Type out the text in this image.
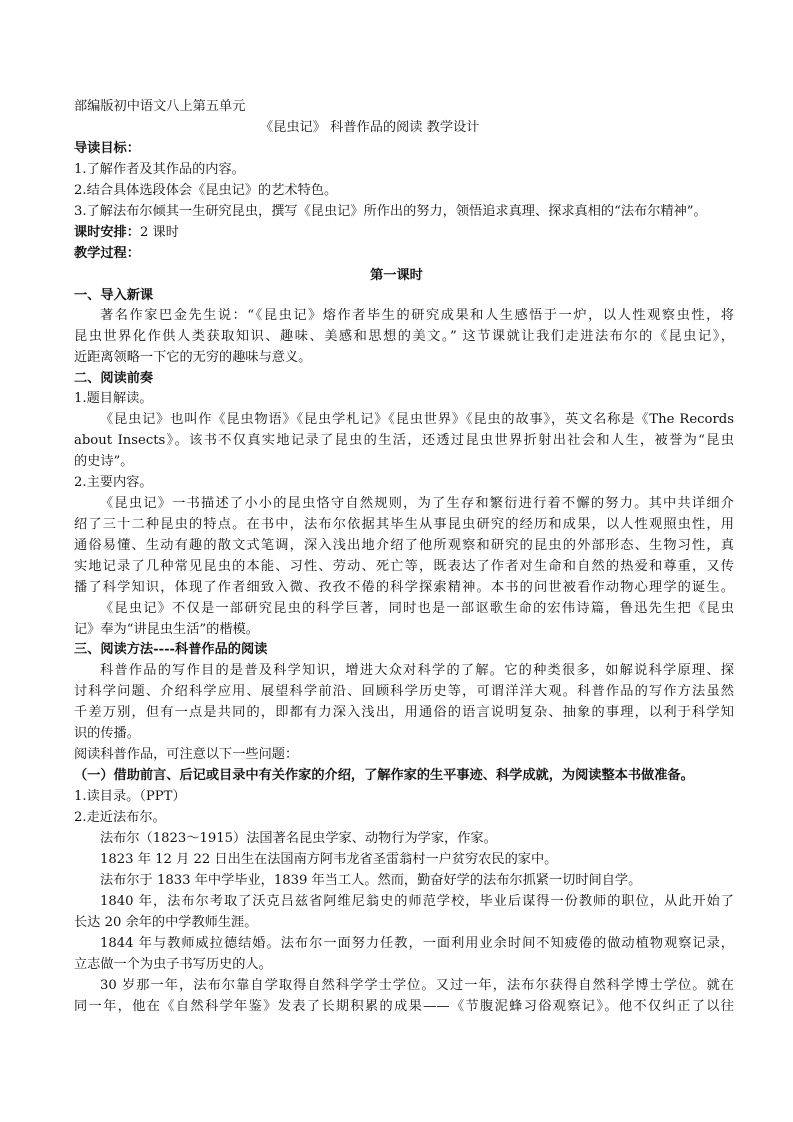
部编版初中语文八上第五单元
《昆虫记》 科普作品的阅读 教学设计
导读目标：
1.了解作者及其作品的内容。
2.结合具体选段体会《昆虫记》的艺术特色。
3.了解法布尔倾其一生研究昆虫，撰写《昆虫记》所作出的努力，领悟追求真理、探求真相的“法布尔精神”。
课时安排：2 课时
教学过程：
第一课时
一、导入新课
著名作家巴金先生说：“《昆虫记》熔作者毕生的研究成果和人生感悟于一炉，以人性观察虫性，将
昆虫世界化作供人类获取知识、趣味、美感和思想的美文。” 这节课就让我们走进法布尔的《昆虫记》，
近距离领略一下它的无穷的趣味与意义。
二、阅读前奏
1.题目解读。
《昆虫记》也叫作《昆虫物语》《昆虫学札记》《昆虫世界》《昆虫的故事》，英文名称是《The Records
about Insects》。该书不仅真实地记录了昆虫的生活，还透过昆虫世界折射出社会和人生，被誉为“昆虫
的史诗”。
2.主要内容。
《昆虫记》一书描述了小小的昆虫恪守自然规则，为了生存和繁衍进行着不懈的努力。其中共详细介
绍了三十二种昆虫的特点。在书中，法布尔依据其毕生从事昆虫研究的经历和成果，以人性观照虫性，用
通俗易懂、生动有趣的散文式笔调，深入浅出地介绍了他所观察和研究的昆虫的外部形态、生物习性，真
实地记录了几种常见昆虫的本能、习性、劳动、死亡等，既表达了作者对生命和自然的热爱和尊重，又传
播了科学知识，体现了作者细致入微、孜孜不倦的科学探索精神。本书的问世被看作动物心理学的诞生。
《昆虫记》不仅是一部研究昆虫的科学巨著，同时也是一部讴歌生命的宏伟诗篇，鲁迅先生把《昆虫
记》奉为“讲昆虫生活”的楷模。
三、阅读方法----科普作品的阅读
科普作品的写作目的是普及科学知识，增进大众对科学的了解。它的种类很多，如解说科学原理、探
讨科学问题、介绍科学应用、展望科学前沿、回顾科学历史等，可谓洋洋大观。科普作品的写作方法虽然
千差万别，但有一点是共同的，即都有力深入浅出，用通俗的语言说明复杂、抽象的事理，以利于科学知
识的传播。
阅读科普作品，可注意以下一些问题：
（一）借助前言、后记或目录中有关作家的介绍，了解作家的生平事迹、科学成就，为阅读整本书做准备。
1.读目录。（PPT）
2.走近法布尔。
法布尔（1823～1915）法国著名昆虫学家、动物行为学家，作家。
1823 年 12 月 22 日出生在法国南方阿韦龙省圣雷翁村一户贫穷农民的家中。
法布尔于 1833 年中学毕业，1839 年当工人。然而，勤奋好学的法布尔抓紧一切时间自学。
1840 年，法布尔考取了沃克吕兹省阿维尼翁史的师范学校，毕业后谋得一份教师的职位，从此开始了
长达 20 余年的中学教师生涯。
1844 年与教师威拉德结婚。法布尔一面努力任教，一面利用业余时间不知疲倦的做动植物观察记录，
立志做一个为虫子书写历史的人。
30 岁那一年，法布尔靠自学取得自然科学学士学位。又过一年，法布尔获得自然科学博士学位。就在
同一年，他在《自然科学年鉴》发表了长期积累的成果——《节腹泥蜂习俗观察记》。他不仅纠正了以往
